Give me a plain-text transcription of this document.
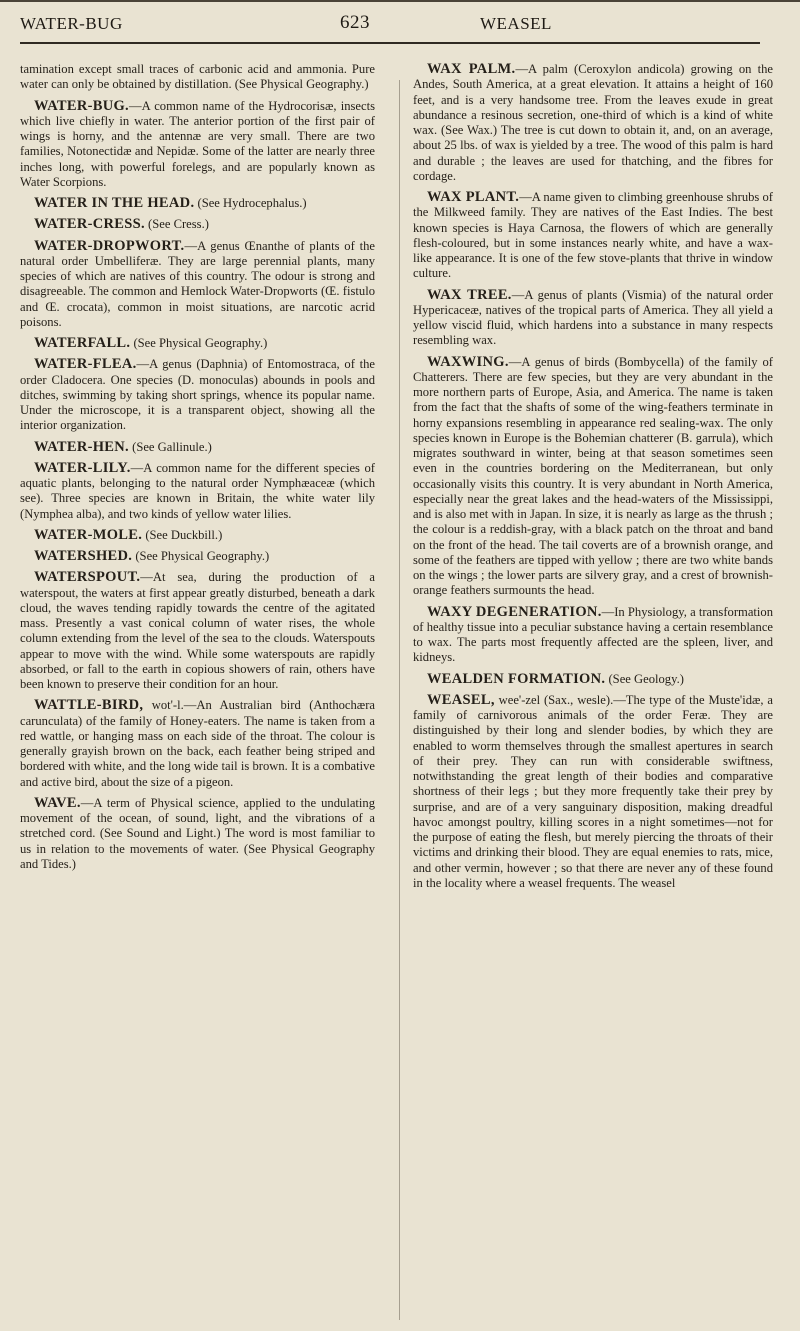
WATER-BUG	623	WEASEL

tamination except small traces of carbonic acid and ammonia. Pure water can only be obtained by distillation. (See Physical Geography.)

WATER-BUG.—A common name of the Hydrocorisæ, insects which live chiefly in water. The anterior portion of the first pair of wings is horny, and the antennæ are very small. There are two families, Notonectidæ and Nepidæ. Some of the latter are nearly three inches long, with powerful forelegs, and are popularly known as Water Scorpions.

WATER IN THE HEAD. (See Hydrocephalus.)

WATER-CRESS. (See Cress.)

WATER-DROPWORT.—A genus Œnanthe of plants of the natural order Umbelliferæ. They are large perennial plants, many species of which are natives of this country. The odour is strong and disagreeable. The common and Hemlock Water-Dropworts (Œ. fistulo and Œ. crocata), common in moist situations, are narcotic acrid poisons.

WATERFALL. (See Physical Geography.)

WATER-FLEA.—A genus (Daphnia) of Entomostraca, of the order Cladocera. One species (D. monoculas) abounds in pools and ditches, swimming by taking short springs, whence its popular name. Under the microscope, it is a transparent object, showing all the interior organization.

WATER-HEN. (See Gallinule.)

WATER-LILY.—A common name for the different species of aquatic plants, belonging to the natural order Nymphæaceæ (which see). Three species are known in Britain, the white water lily (Nymphea alba), and two kinds of yellow water lilies.

WATER-MOLE. (See Duckbill.)

WATERSHED. (See Physical Geography.)

WATERSPOUT.—At sea, during the production of a waterspout, the waters at first appear greatly disturbed, beneath a dark cloud, the waves tending rapidly towards the centre of the agitated mass. Presently a vast conical column of water rises, the whole column extending from the level of the sea to the clouds. Waterspouts appear to move with the wind. While some waterspouts are rapidly absorbed, or fall to the earth in copious showers of rain, others have been known to preserve their condition for an hour.

WATTLE-BIRD, wot'-l.—An Australian bird (Anthochæra carunculata) of the family of Honey-eaters. The name is taken from a red wattle, or hanging mass on each side of the throat. The colour is generally grayish brown on the back, each feather being striped and bordered with white, and the long wide tail is brown. It is a combative and active bird, about the size of a pigeon.

WAVE.—A term of Physical science, applied to the undulating movement of the ocean, of sound, light, and the vibrations of a stretched cord. (See Sound and Light.) The word is most familiar to us in relation to the movements of water. (See Physical Geography and Tides.)

WAX PALM.—A palm (Ceroxylon andicola) growing on the Andes, South America, at a great elevation. It attains a height of 160 feet, and is a very handsome tree. From the leaves exude in great abundance a resinous secretion, one-third of which is a kind of white wax. (See Wax.) The tree is cut down to obtain it, and, on an average, about 25 lbs. of wax is yielded by a tree. The wood of this palm is hard and durable ; the leaves are used for thatching, and the fibres for cordage.

WAX PLANT.—A name given to climbing greenhouse shrubs of the Milkweed family. They are natives of the East Indies. The best known species is Haya Carnosa, the flowers of which are generally flesh-coloured, but in some instances nearly white, and have a wax-like appearance. It is one of the few stove-plants that thrive in window culture.

WAX TREE.—A genus of plants (Vismia) of the natural order Hypericaceæ, natives of the tropical parts of America. They all yield a yellow viscid fluid, which hardens into a substance in many respects resembling wax.

WAXWING.—A genus of birds (Bombycella) of the family of Chatterers. There are few species, but they are very abundant in the more northern parts of Europe, Asia, and America. The name is taken from the fact that the shafts of some of the wing-feathers terminate in horny expansions resembling in appearance red sealing-wax. The only species known in Europe is the Bohemian chatterer (B. garrula), which migrates southward in winter, being at that season sometimes seen even in the countries bordering on the Mediterranean, but only occasionally visits this country. It is very abundant in North America, especially near the great lakes and the head-waters of the Mississippi, and is also met with in Japan. In size, it is nearly as large as the thrush ; the colour is a reddish-gray, with a black patch on the throat and band on the front of the head. The tail coverts are of a brownish orange, and some of the feathers are tipped with yellow ; there are two white bands on the wings ; the lower parts are silvery gray, and a crest of brownish-orange feathers surmounts the head.

WAXY DEGENERATION.—In Physiology, a transformation of healthy tissue into a peculiar substance having a certain resemblance to wax. The parts most frequently affected are the spleen, liver, and kidneys.

WEALDEN FORMATION. (See Geology.)

WEASEL, wee'-zel (Sax., wesle).—The type of the Muste'idæ, a family of carnivorous animals of the order Feræ. They are distinguished by their long and slender bodies, by which they are enabled to worm themselves through the smallest apertures in search of their prey. They can run with considerable swiftness, notwithstanding the great length of their bodies and comparative shortness of their legs ; but they more frequently take their prey by surprise, and are of a very sanguinary disposition, making dreadful havoc amongst poultry, killing scores in a night sometimes—not for the purpose of eating the flesh, but merely piercing the throats of their victims and drinking their blood. They are equal enemies to rats, mice, and other vermin, however ; so that there are never any of these found in the locality where a weasel frequents. The weasel
